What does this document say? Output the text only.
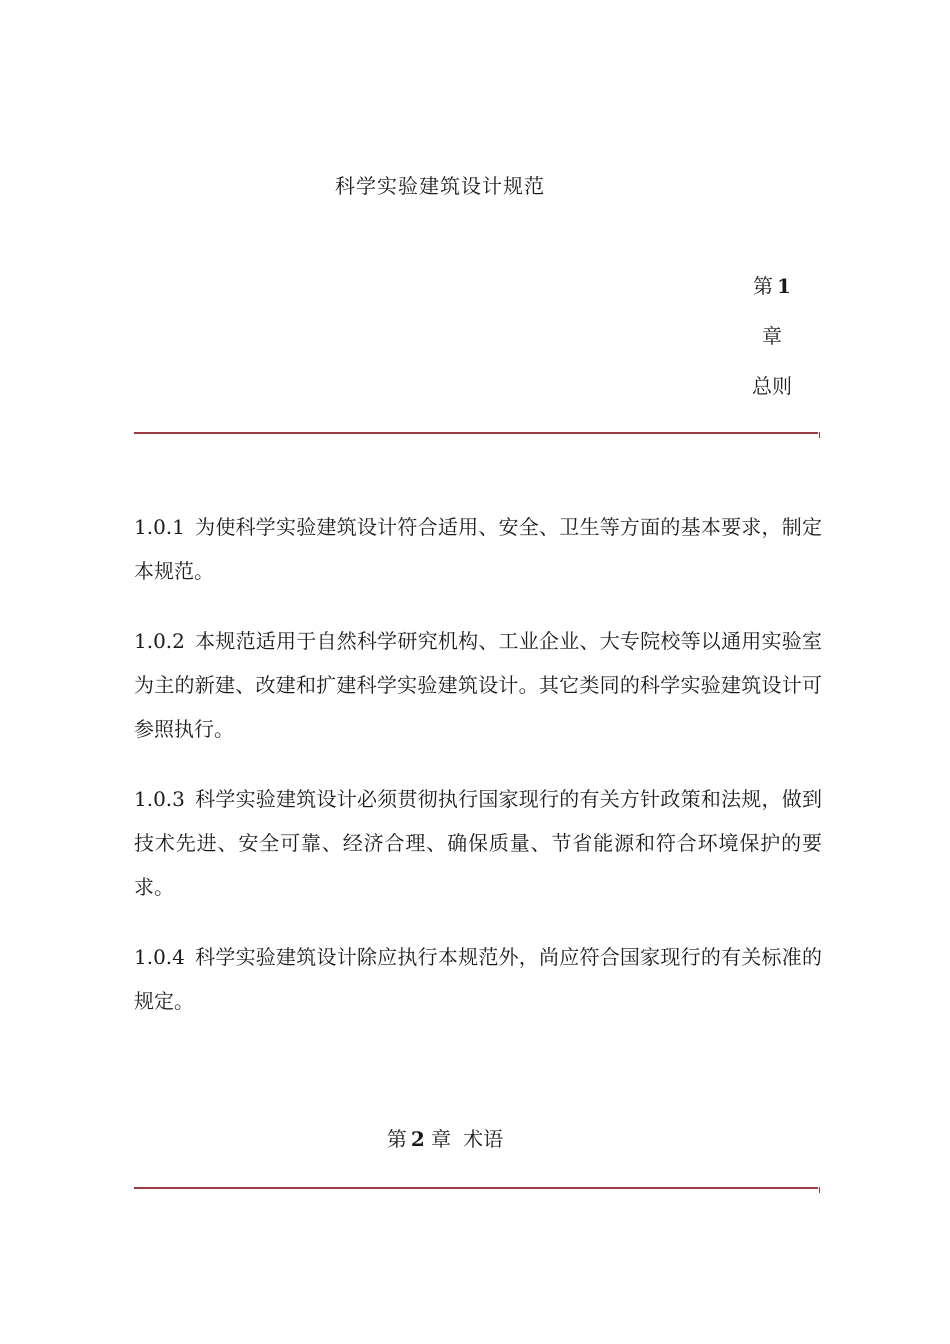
科学实验建筑设计规范
第 1
章
总则

1.0.1 为使科学实验建筑设计符合适用、安全、卫生等方面的基本要求，制定本规范。

1.0.2 本规范适用于自然科学研究机构、工业企业、大专院校等以通用实验室为主的新建、改建和扩建科学实验建筑设计。其它类同的科学实验建筑设计可参照执行。

1.0.3 科学实验建筑设计必须贯彻执行国家现行的有关方针政策和法规，做到技术先进、安全可靠、经济合理、确保质量、节省能源和符合环境保护的要求。

1.0.4 科学实验建筑设计除应执行本规范外，尚应符合国家现行的有关标准的规定。

第 2 章 术语
